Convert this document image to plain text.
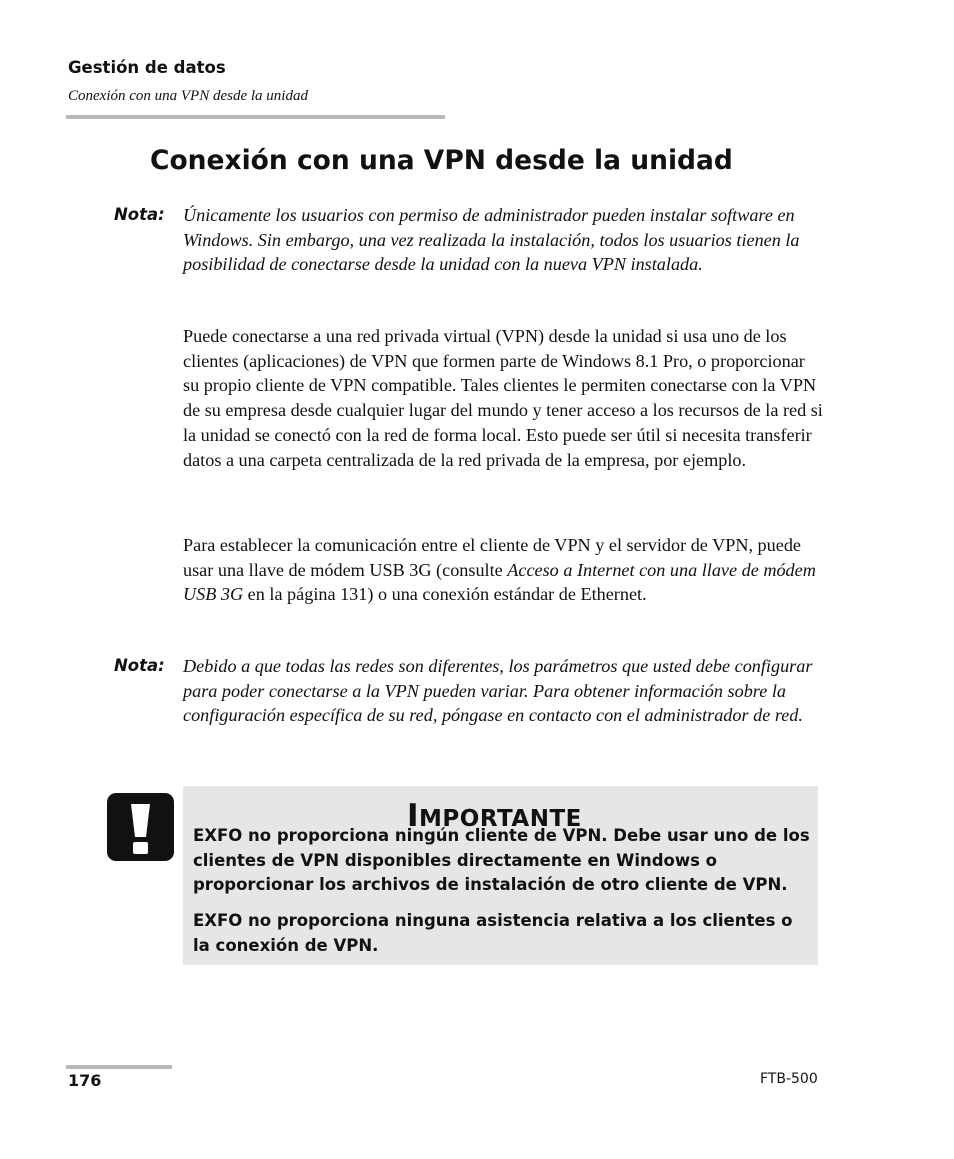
Gestión de datos
Conexión con una VPN desde la unidad
Conexión con una VPN desde la unidad
Nota: Únicamente los usuarios con permiso de administrador pueden instalar software en Windows. Sin embargo, una vez realizada la instalación, todos los usuarios tienen la posibilidad de conectarse desde la unidad con la nueva VPN instalada.

Puede conectarse a una red privada virtual (VPN) desde la unidad si usa uno de los clientes (aplicaciones) de VPN que formen parte de Windows 8.1 Pro, o proporcionar su propio cliente de VPN compatible. Tales clientes le permiten conectarse con la VPN de su empresa desde cualquier lugar del mundo y tener acceso a los recursos de la red si la unidad se conectó con la red de forma local. Esto puede ser útil si necesita transferir datos a una carpeta centralizada de la red privada de la empresa, por ejemplo.

Para establecer la comunicación entre el cliente de VPN y el servidor de VPN, puede usar una llave de módem USB 3G (consulte Acceso a Internet con una llave de módem USB 3G en la página 131) o una conexión estándar de Ethernet.

Nota: Debido a que todas las redes son diferentes, los parámetros que usted debe configurar para poder conectarse a la VPN pueden variar. Para obtener información sobre la configuración específica de su red, póngase en contacto con el administrador de red.
IMPORTANTE

EXFO no proporciona ningún cliente de VPN. Debe usar uno de los clientes de VPN disponibles directamente en Windows o proporcionar los archivos de instalación de otro cliente de VPN.

EXFO no proporciona ninguna asistencia relativa a los clientes o la conexión de VPN.

176	FTB-500
